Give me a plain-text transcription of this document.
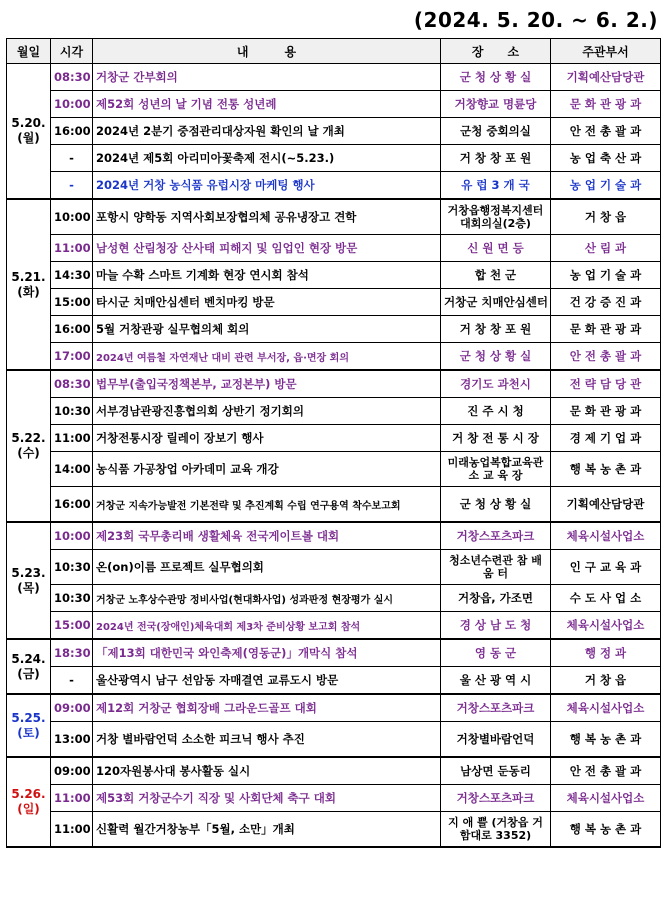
(2024. 5. 20. ~ 6. 2.)
월일	시각	내　　　용	장　　소	주관부서

5.20.
(월)	08:30	거창군 간부회의	군 청 상 황 실	기획예산담당관
	10:00	제52회 성년의 날 기념 전통 성년례	거창향교 명륜당	문 화 관 광 과
	16:00	2024년 2분기 중점관리대상자원 확인의 날 개최	군청 중회의실	안 전 총 괄 과
	-	2024년 제5회 아리미아꽃축제 전시(~5.23.)	거 창 창 포 원	농 업 축 산 과
	-	2024년 거창 농식품 유럽시장 마케팅 행사	유 럽 3 개 국	농 업 기 술 과

5.21.
(화)	10:00	포항시 양학동 지역사회보장협의체 공유냉장고 견학	거창읍행정복지센터 대회의실(2층)	거 창 읍
	11:00	남성현 산림청장 산사태 피해지 및 임업인 현장 방문	신 원 면 등	산 림 과
	14:30	마늘 수확 스마트 기계화 현장 연시회 참석	합 천 군	농 업 기 술 과
	15:00	타시군 치매안심센터 벤치마킹 방문	거창군 치매안심센터	건 강 증 진 과
	16:00	5월 거창관광 실무협의체 회의	거 창 창 포 원	문 화 관 광 과
	17:00	2024년 여름철 자연재난 대비 관련 부서장, 읍·면장 회의	군 청 상 황 실	안 전 총 괄 과

5.22.
(수)	08:30	법무부(출입국정책본부, 교정본부) 방문	경기도 과천시	전 략 담 당 관
	10:30	서부경남관광진흥협의회 상반기 정기회의	진 주 시 청	문 화 관 광 과
	11:00	거창전통시장 릴레이 장보기 행사	거 창 전 통 시 장	경 제 기 업 과
	14:00	농식품 가공창업 아카데미 교육 개강	미래농업복합교육관 소 교 육 장	행 복 농 촌 과
	16:00	거창군 지속가능발전 기본전략 및 추진계획 수립 연구용역 착수보고회	군 청 상 황 실	기획예산담당관

5.23.
(목)	10:00	제23회 국무총리배 생활체육 전국게이트볼 대회	거창스포츠파크	체육시설사업소
	10:30	온(on)이름 프로젝트 실무협의회	청소년수련관 참 배 움 터	인 구 교 육 과
	10:30	거창군 노후상수관망 정비사업(현대화사업) 성과판정 현장평가 실시	거창읍, 가조면	수 도 사 업 소
	15:00	2024년 전국(장애인)체육대회 제3차 준비상황 보고회 참석	경 상 남 도 청	체육시설사업소

5.24.
(금)	18:30	「제13회 대한민국 와인축제(영동군)」개막식 참석	영 동 군	행 정 과
	-	울산광역시 남구 선암동 자매결연 교류도시 방문	울 산 광 역 시	거 창 읍

5.25.
(토)	09:00	제12회 거창군 협회장배 그라운드골프 대회	거창스포츠파크	체육시설사업소
	13:00	거창 별바람언덕 소소한 피크닉 행사 추진	거창별바람언덕	행 복 농 촌 과

5.26.
(일)	09:00	120자원봉사대 봉사활동 실시	남상면 둔동리	안 전 총 괄 과
	11:00	제53회 거창군수기 직장 및 사회단체 축구 대회	거창스포츠파크	체육시설사업소
	11:00	신활력 월간거창농부「5월, 소만」개최	지 애 쁠 (거창읍 거함대로 3352)	행 복 농 촌 과
